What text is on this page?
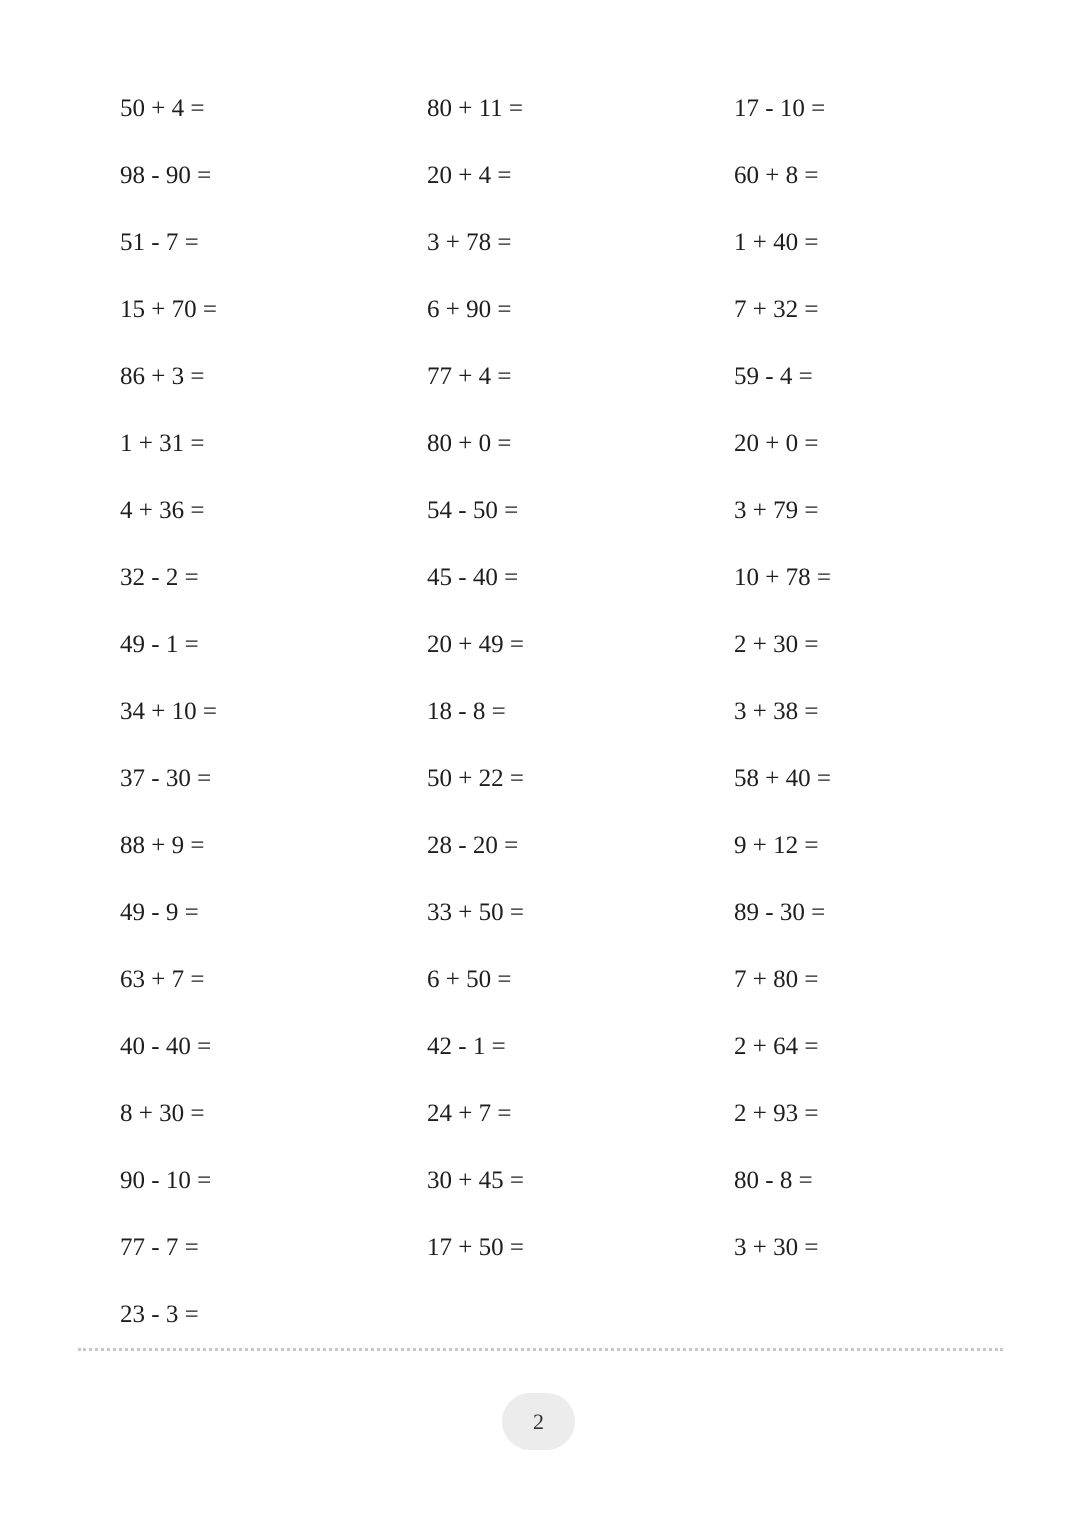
50 + 4 =
98 - 90 =
51 - 7 =
15 + 70 =
86 + 3 =
1 + 31 =
4 + 36 =
32 - 2 =
49 - 1 =
34 + 10 =
37 - 30 =
88 + 9 =
49 - 9 =
63 + 7 =
40 - 40 =
8 + 30 =
90 - 10 =
77 - 7 =
23 - 3 =
80 + 11 =
20 + 4 =
3 + 78 =
6 + 90 =
77 + 4 =
80 + 0 =
54 - 50 =
45 - 40 =
20 + 49 =
18 - 8 =
50 + 22 =
28 - 20 =
33 + 50 =
6 + 50 =
42 - 1 =
24 + 7 =
30 + 45 =
17 + 50 =
17 - 10 =
60 + 8 =
1 + 40 =
7 + 32 =
59 - 4 =
20 + 0 =
3 + 79 =
10 + 78 =
2 + 30 =
3 + 38 =
58 + 40 =
9 + 12 =
89 - 30 =
7 + 80 =
2 + 64 =
2 + 93 =
80 - 8 =
3 + 30 =
2
